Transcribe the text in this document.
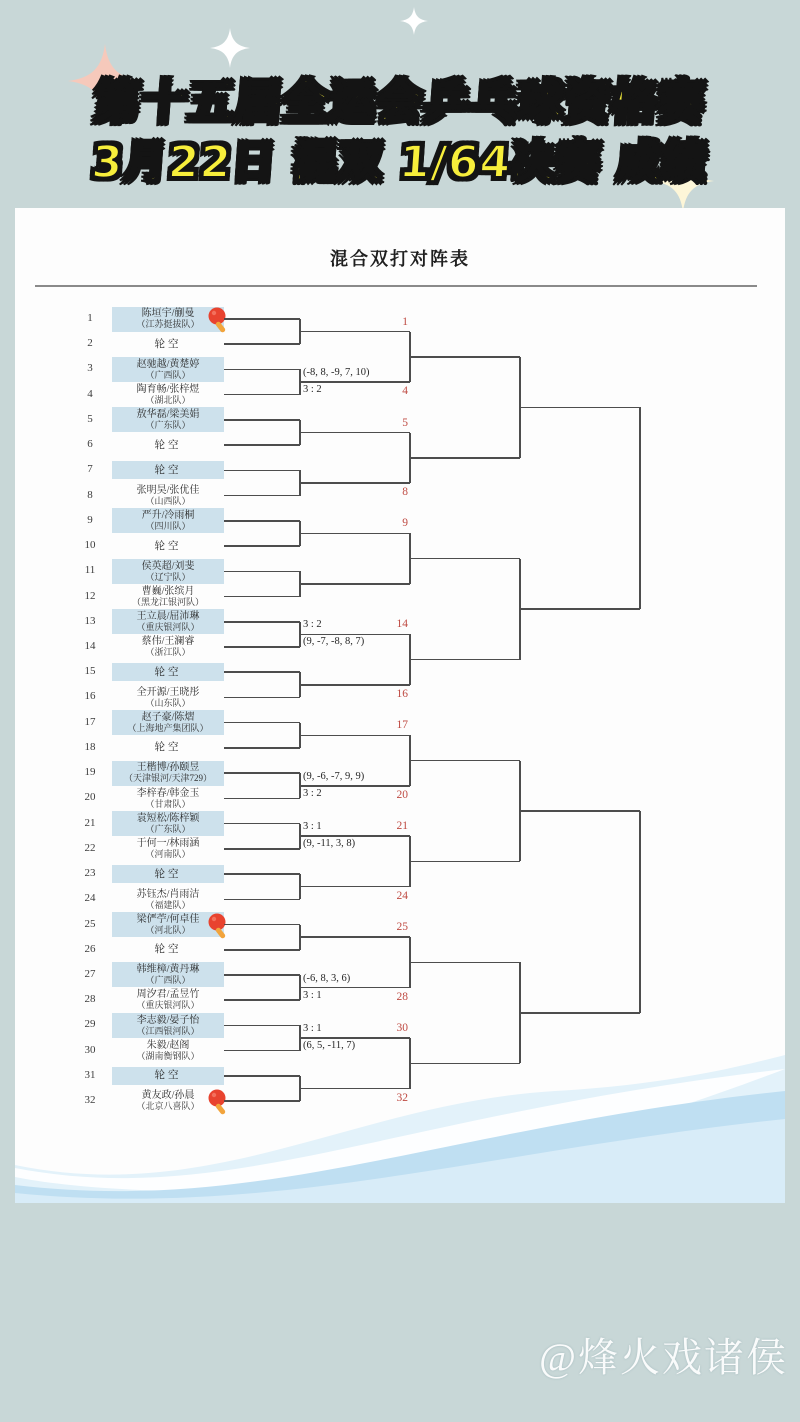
第十五届全运会乒乓球资格赛
3月22日 混双 1/64决赛 成绩
混合双打对阵表
1	陈垣宇/蒯曼
（江苏挺拔队）
2	轮空
3	赵驰越/黄楚婷
（广西队）
4	陶育畅/张梓煜
（湖北队）
5	敖华磊/梁美娟
（广东队）
6	轮空
7	轮空
8	张明昊/张优佳
（山西队）
9	严升/冷雨桐
（四川队）
10	轮空
11	侯英超/刘斐
（辽宁队）
12	曹巍/张缤月
（黑龙江银河队）
13	王立晨/屈沛琳
（重庆银河队）
14	蔡伟/王澜睿
（浙江队）
15	轮空
16	全开源/王晓彤
（山东队）
17	赵子豪/陈熠
（上海地产集团队）
18	轮空
19	王楷博/孙颐昱
（天津银河/天津729）
20	李梓春/韩金玉
（甘肃队）
21	袁短松/陈梓颖
（广东队）
22	于何一/林雨涵
（河南队）
23	轮空
24	苏钰杰/肖雨洁
（福建队）
25	梁俨苧/何卓佳
（河北队）
26	轮空
27	韩维樟/黄丹琳
（广西队）
28	周汐君/孟昱竹
（重庆银河队）
29	李志毅/晏子怡
（江西银河队）
30	朱毅/赵阁
（湖南衡钢队）
31	轮空
32	黄友政/孙晨
（北京八喜队）
1
(-8, 8, -9, 7, 10)
3 : 2	4
5
8
9
3 : 2
(9, -7, -8, 8, 7)
14
16
17
(9, -6, -7, 9, 9)
3 : 2	20
3 : 1
(9, -11, 3, 8)
21
24
25
(-6, 8, 3, 6)
3 : 1	28
3 : 1
(6, 5, -11, 7)
30
32
@烽火戏诸侯
